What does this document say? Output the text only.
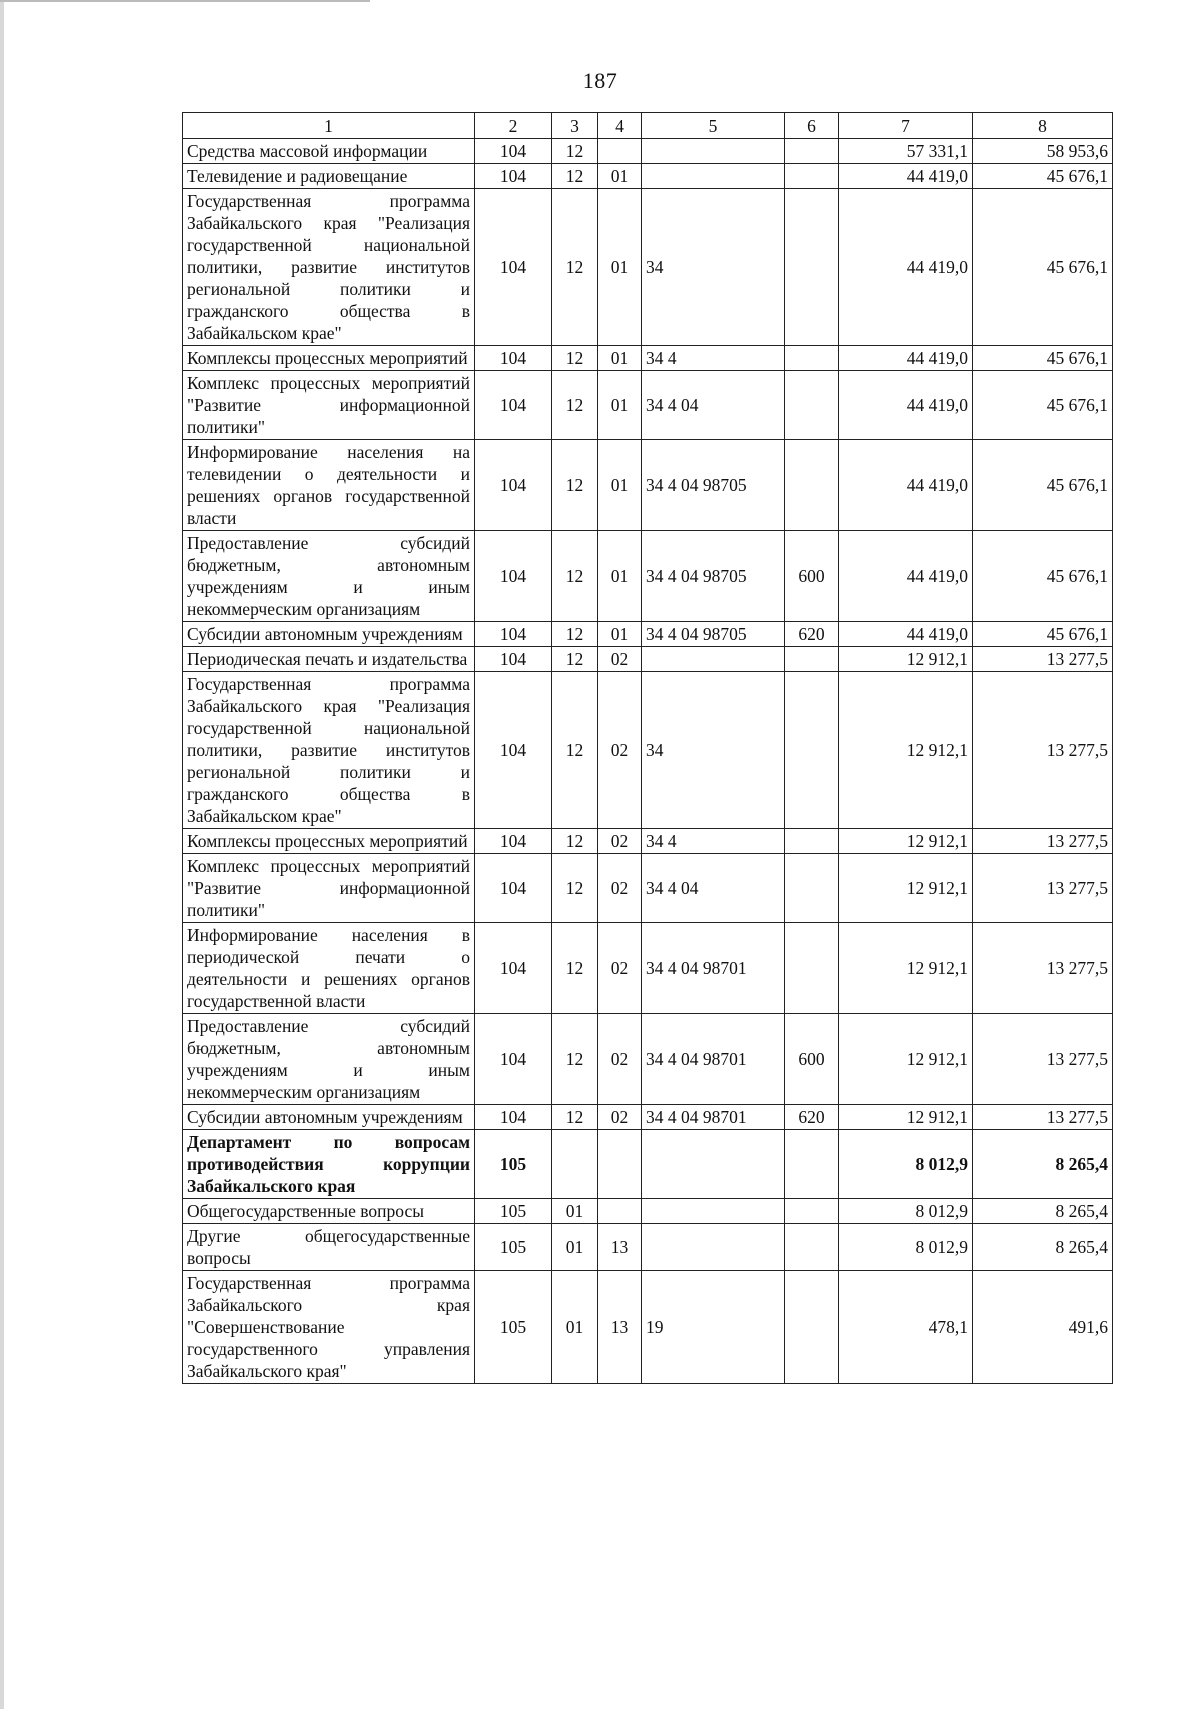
187
1	2	3	4	5	6	7	8
Средства массовой информации	104	12				57 331,1	58 953,6
Телевидение и радиовещание	104	12	01			44 419,0	45 676,1
Государственная программа Забайкальского края "Реализация государственной национальной политики, развитие институтов региональной политики и гражданского общества в Забайкальском крае"	104	12	01	34		44 419,0	45 676,1
Комплексы процессных мероприятий	104	12	01	34 4		44 419,0	45 676,1
Комплекс процессных мероприятий "Развитие информационной политики"	104	12	01	34 4 04		44 419,0	45 676,1
Информирование населения на телевидении о деятельности и решениях органов государственной власти	104	12	01	34 4 04 98705		44 419,0	45 676,1
Предоставление субсидий бюджетным, автономным учреждениям и иным некоммерческим организациям	104	12	01	34 4 04 98705	600	44 419,0	45 676,1
Субсидии автономным учреждениям	104	12	01	34 4 04 98705	620	44 419,0	45 676,1
Периодическая печать и издательства	104	12	02			12 912,1	13 277,5
Государственная программа Забайкальского края "Реализация государственной национальной политики, развитие институтов региональной политики и гражданского общества в Забайкальском крае"	104	12	02	34		12 912,1	13 277,5
Комплексы процессных мероприятий	104	12	02	34 4		12 912,1	13 277,5
Комплекс процессных мероприятий "Развитие информационной политики"	104	12	02	34 4 04		12 912,1	13 277,5
Информирование населения в периодической печати о деятельности и решениях органов государственной власти	104	12	02	34 4 04 98701		12 912,1	13 277,5
Предоставление субсидий бюджетным, автономным учреждениям и иным некоммерческим организациям	104	12	02	34 4 04 98701	600	12 912,1	13 277,5
Субсидии автономным учреждениям	104	12	02	34 4 04 98701	620	12 912,1	13 277,5
Департамент по вопросам противодействия коррупции Забайкальского края	105					8 012,9	8 265,4
Общегосударственные вопросы	105	01				8 012,9	8 265,4
Другие общегосударственные вопросы	105	01	13			8 012,9	8 265,4
Государственная программа Забайкальского края "Совершенствование государственного управления Забайкальского края"	105	01	13	19		478,1	491,6
